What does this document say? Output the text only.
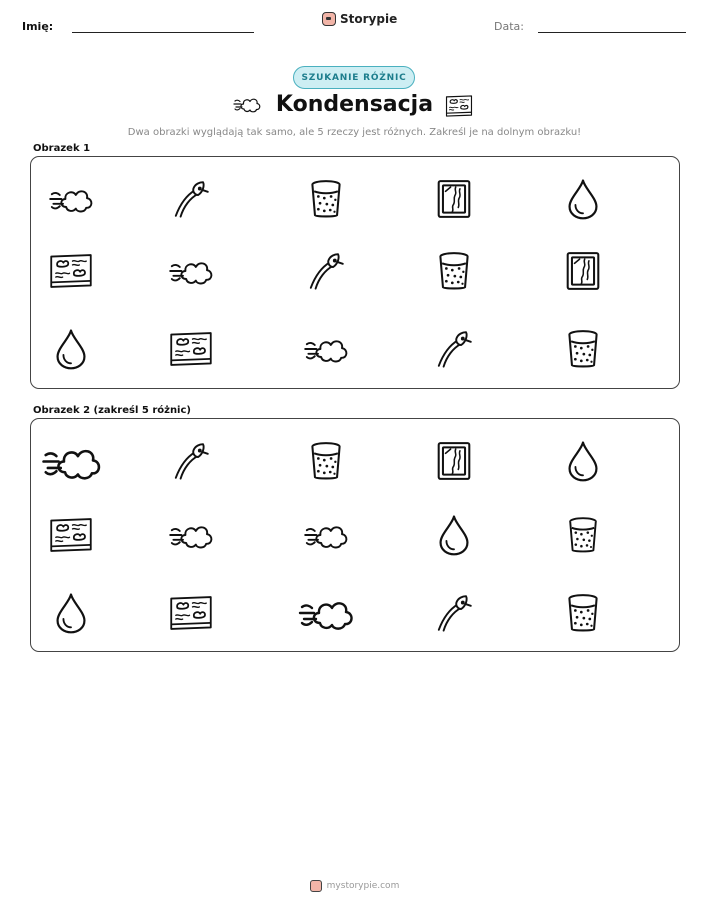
Imię:
Storypie
Data:
SZUKANIE RÓŻNIC
Kondensacja
Dwa obrazki wyglądają tak samo, ale 5 rzeczy jest różnych. Zakreśl je na dolnym obrazku!
Obrazek 1
Obrazek 2 (zakreśl 5 różnic)
mystorypie.com
